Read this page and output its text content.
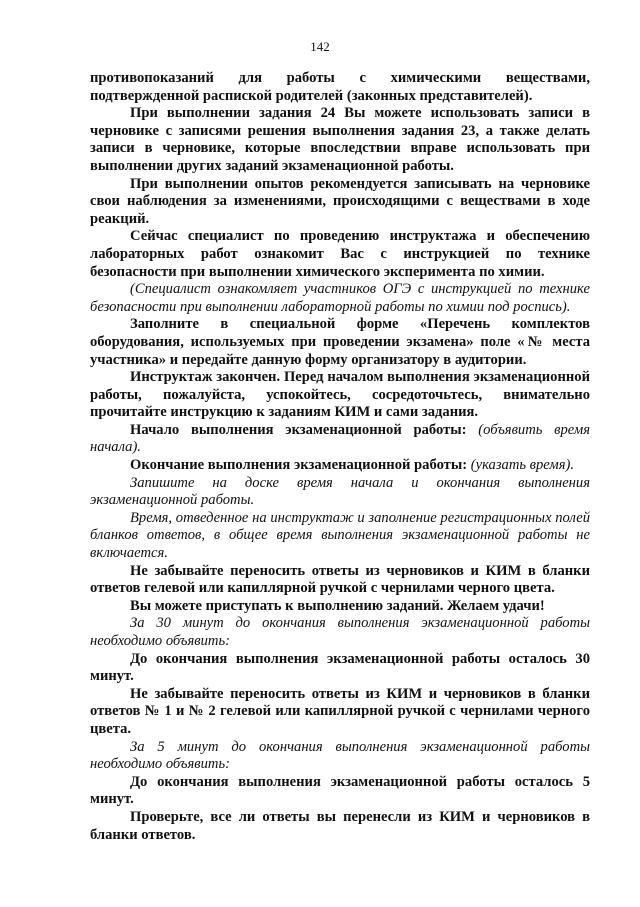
142

противопоказаний для работы с химическими веществами, подтвержденной распиской родителей (законных представителей).

При выполнении задания 24 Вы можете использовать записи в черновике с записями решения выполнения задания 23, а также делать записи в черновике, которые впоследствии вправе использовать при выполнении других заданий экзаменационной работы.

При выполнении опытов рекомендуется записывать на черновике свои наблюдения за изменениями, происходящими с веществами в ходе реакций.

Сейчас специалист по проведению инструктажа и обеспечению лабораторных работ ознакомит Вас с инструкцией по технике безопасности при выполнении химического эксперимента по химии.

(Специалист ознакомляет участников ОГЭ с инструкцией по технике безопасности при выполнении лабораторной работы по химии под роспись).

Заполните в специальной форме «Перечень комплектов оборудования, используемых при проведении экзамена» поле «№ места участника» и передайте данную форму организатору в аудитории.

Инструктаж закончен. Перед началом выполнения экзаменационной работы, пожалуйста, успокойтесь, сосредоточьтесь, внимательно прочитайте инструкцию к заданиям КИМ и сами задания.

Начало выполнения экзаменационной работы: (объявить время начала).

Окончание выполнения экзаменационной работы: (указать время).

Запишите на доске время начала и окончания выполнения экзаменационной работы.

Время, отведенное на инструктаж и заполнение регистрационных полей бланков ответов, в общее время выполнения экзаменационной работы не включается.

Не забывайте переносить ответы из черновиков и КИМ в бланки ответов гелевой или капиллярной ручкой с чернилами черного цвета.

Вы можете приступать к выполнению заданий. Желаем удачи!

За 30 минут до окончания выполнения экзаменационной работы необходимо объявить:

До окончания выполнения экзаменационной работы осталось 30 минут.

Не забывайте переносить ответы из КИМ и черновиков в бланки ответов № 1 и № 2 гелевой или капиллярной ручкой с чернилами черного цвета.

За 5 минут до окончания выполнения экзаменационной работы необходимо объявить:

До окончания выполнения экзаменационной работы осталось 5 минут.

Проверьте, все ли ответы вы перенесли из КИМ и черновиков в бланки ответов.
